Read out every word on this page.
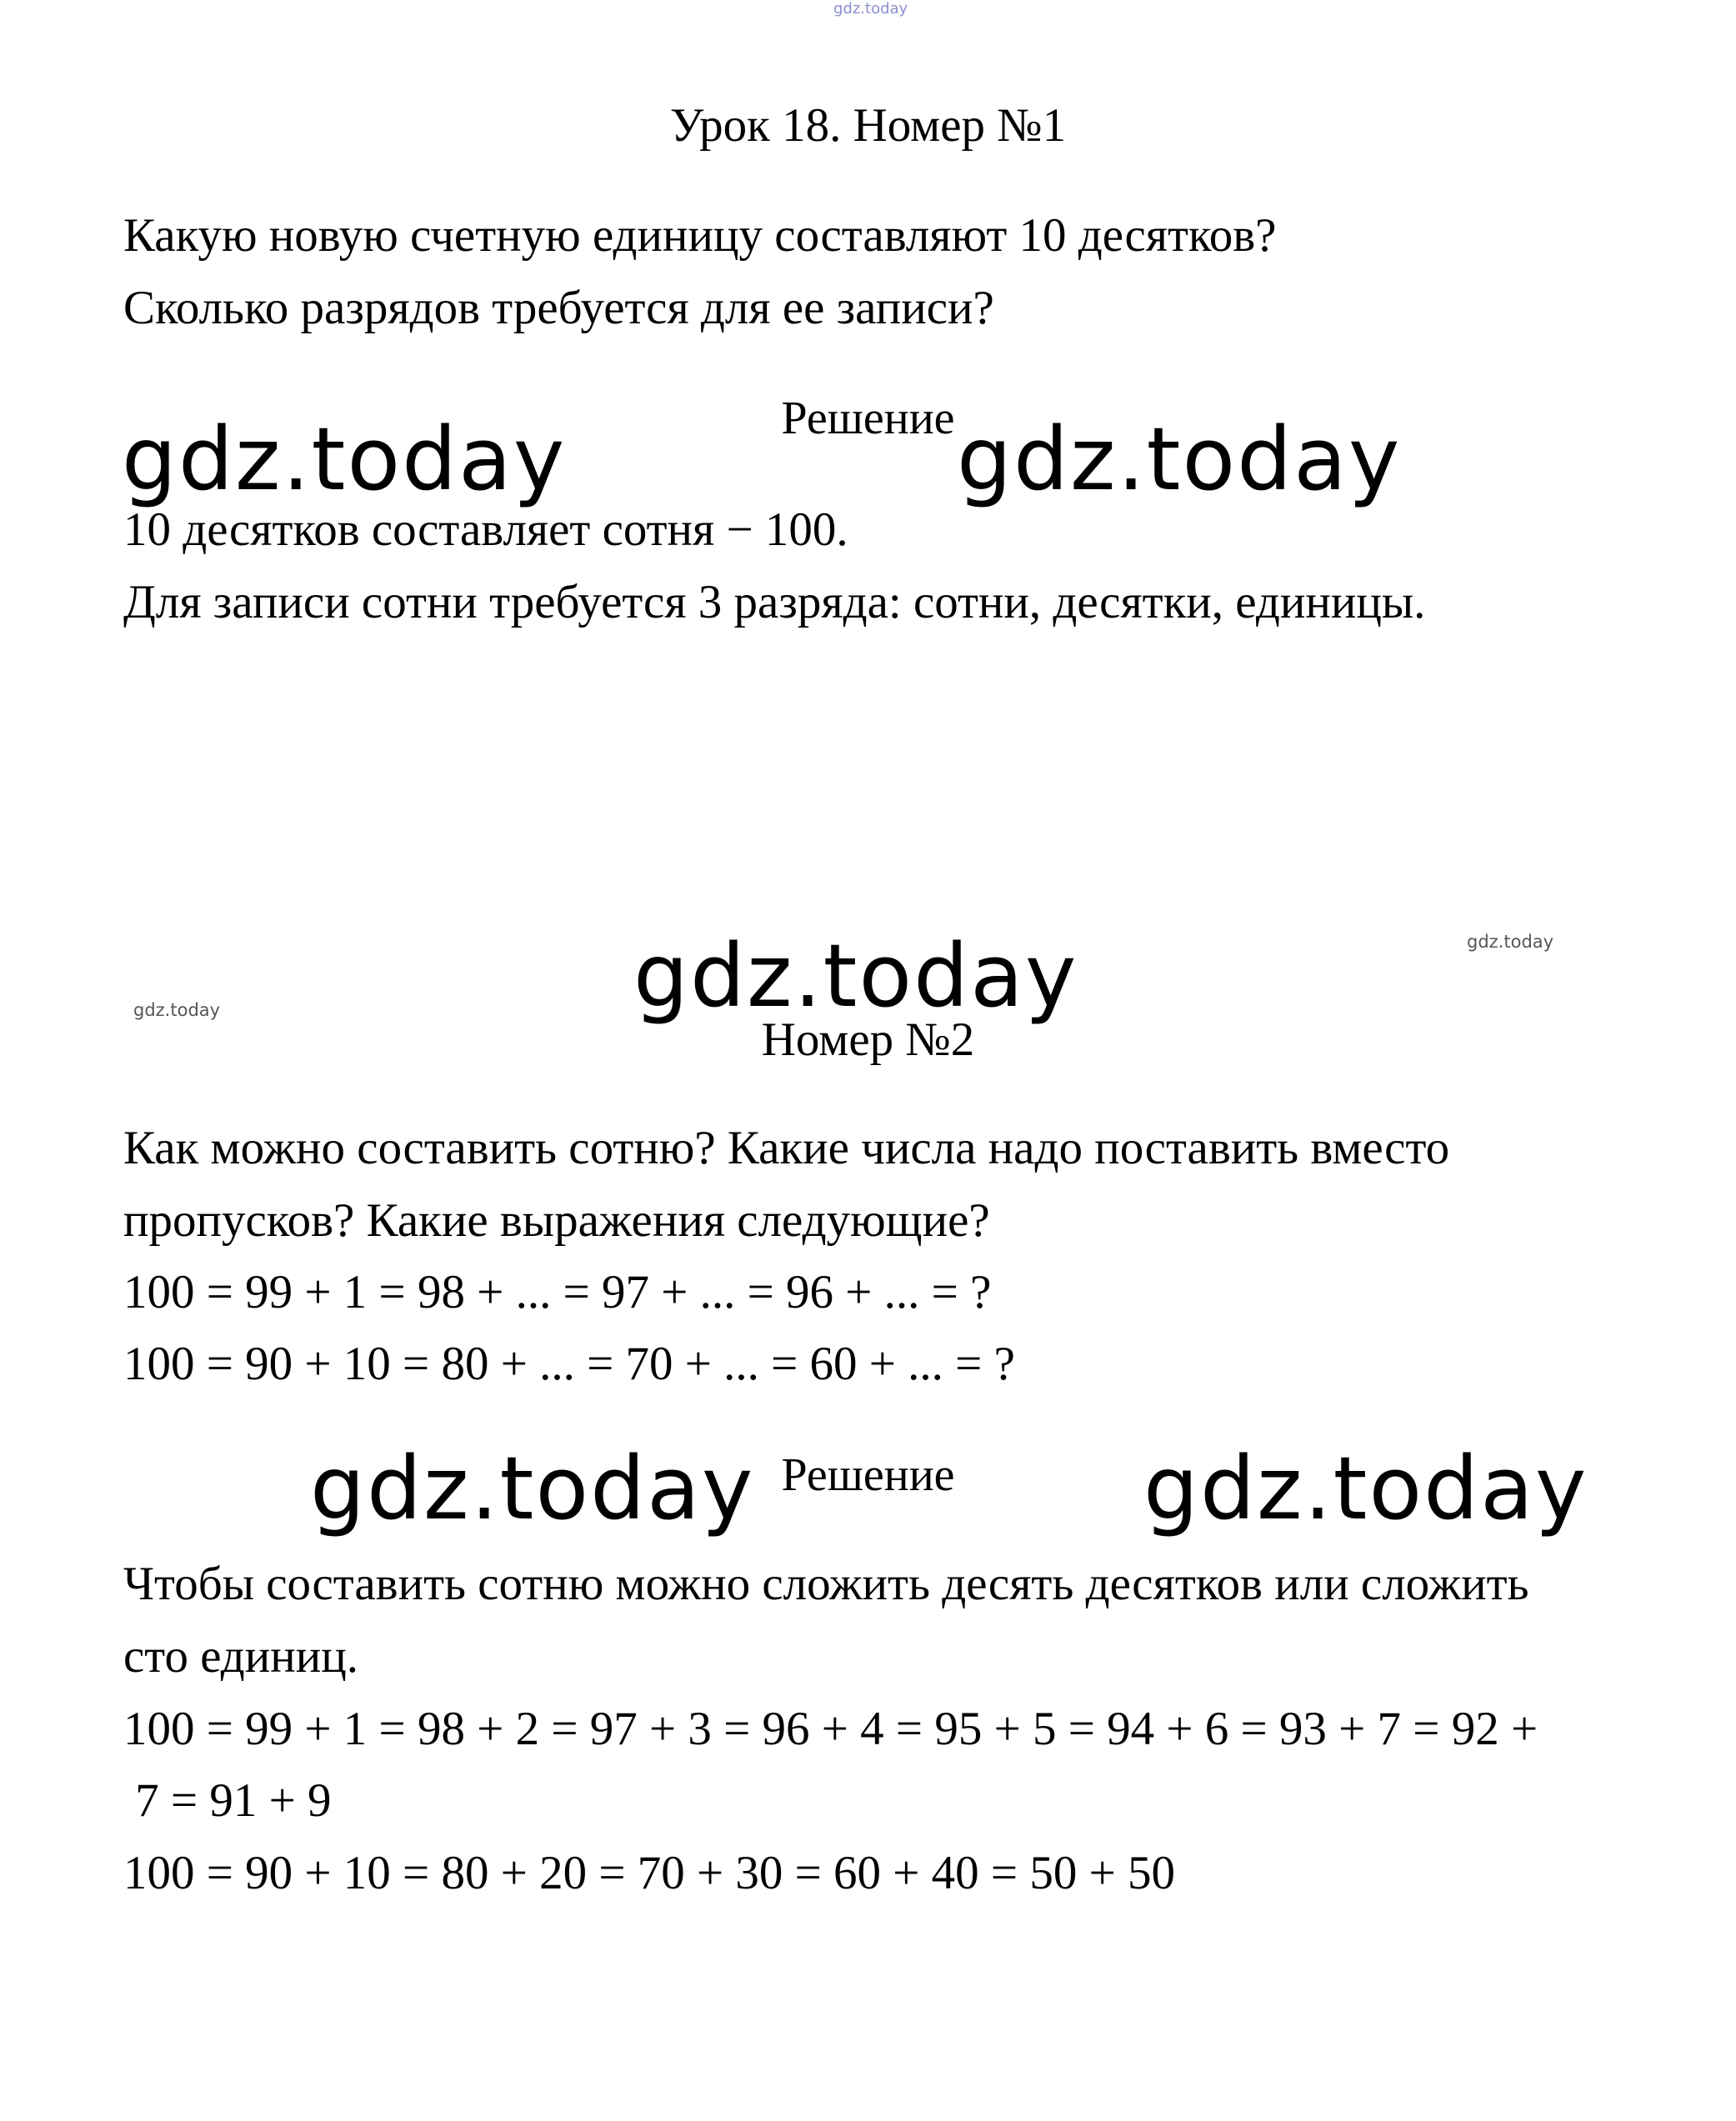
gdz.today
Урок 18. Номер №1
Какую новую счетную единицу составляют 10 десятков?
Сколько разрядов требуется для ее записи?
Решение
gdz.today	gdz.today
10 десятков составляет сотня − 100.
Для записи сотни требуется 3 разряда: сотни, десятки, единицы.
gdz.today
gdz.today	gdz.today
Номер №2
Как можно составить сотню? Какие числа надо поставить вместо
пропусков? Какие выражения следующие?
100 = 99 + 1 = 98 + ... = 97 + ... = 96 + ... = ?
100 = 90 + 10 = 80 + ... = 70 + ... = 60 + ... = ?
Решение
gdz.today	gdz.today
Чтобы составить сотню можно сложить десять десятков или сложить
сто единиц.
100 = 99 + 1 = 98 + 2 = 97 + 3 = 96 + 4 = 95 + 5 = 94 + 6 = 93 + 7 = 92 +
7 = 91 + 9
100 = 90 + 10 = 80 + 20 = 70 + 30 = 60 + 40 = 50 + 50
